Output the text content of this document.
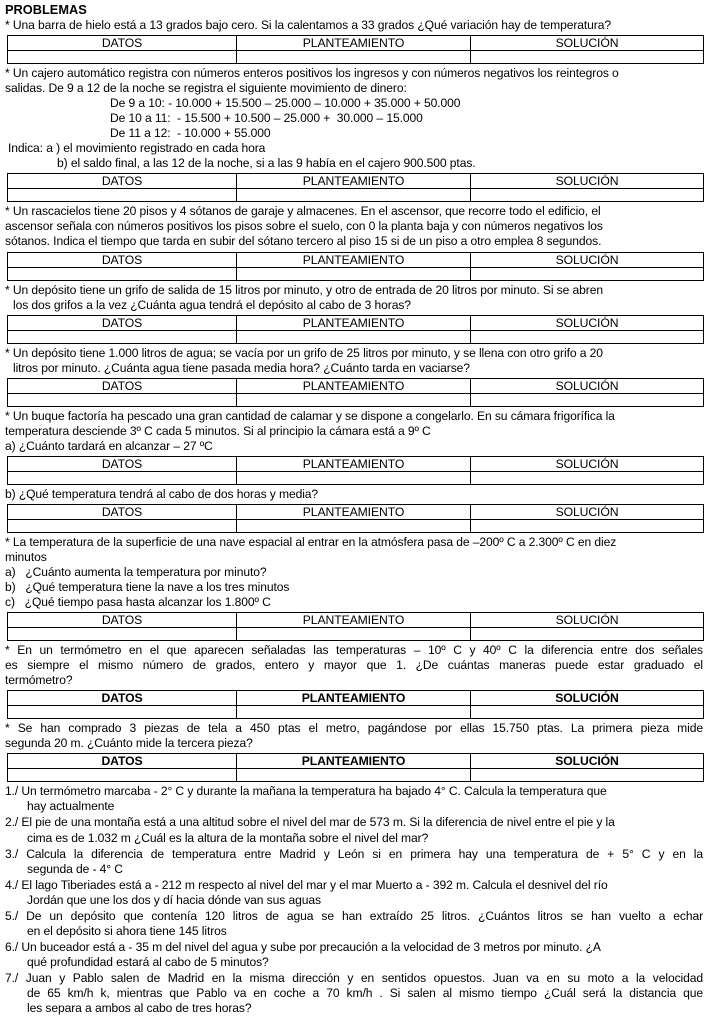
PROBLEMAS
* Una barra de hielo está a 13 grados bajo cero. Si la calentamos a 33 grados ¿Qué variación hay de temperatura?
DATOS	PLANTEAMIENTO	SOLUCIÓN

* Un cajero automático registra con números enteros positivos los ingresos y con números negativos los reintegros o
salidas. De 9 a 12 de la noche se registra el siguiente movimiento de dinero:
De 9 a 10: - 10.000 + 15.500 – 25.000 – 10.000 + 35.000 + 50.000
De 10 a 11:  - 15.500 + 10.500 – 25.000 +  30.000 – 15.000
De 11 a 12:  - 10.000 + 55.000
Indica: a ) el movimiento registrado en cada hora
b) el saldo final, a las 12 de la noche, si a las 9 había en el cajero 900.500 ptas.
DATOS	PLANTEAMIENTO	SOLUCIÓN

* Un rascacielos tiene 20 pisos y 4 sótanos de garaje y almacenes. En el ascensor, que recorre todo el edificio, el
ascensor señala con números positivos los pisos sobre el suelo, con 0 la planta baja y con números negativos los
sótanos. Indica el tiempo que tarda en subir del sótano tercero al piso 15 si de un piso a otro emplea 8 segundos.
DATOS	PLANTEAMIENTO	SOLUCIÓN

* Un depósito tiene un grifo de salida de 15 litros por minuto, y otro de entrada de 20 litros por minuto. Si se abren
los dos grifos a la vez ¿Cuánta agua tendrá el depósito al cabo de 3 horas?
DATOS	PLANTEAMIENTO	SOLUCIÓN

* Un depósito tiene 1.000 litros de agua; se vacía por un grifo de 25 litros por minuto, y se llena con otro grifo a 20
litros por minuto. ¿Cuánta agua tiene pasada media hora? ¿Cuánto tarda en vaciarse?
DATOS	PLANTEAMIENTO	SOLUCIÓN

* Un buque factoría ha pescado una gran cantidad de calamar y se dispone a congelarlo. En su cámara frigorífica la
temperatura desciende 3º C cada 5 minutos. Si al principio la cámara está a 9º C
a) ¿Cuánto tardará en alcanzar – 27 ºC
DATOS	PLANTEAMIENTO	SOLUCIÓN

b) ¿Qué temperatura tendrá al cabo de dos horas y media?
DATOS	PLANTEAMIENTO	SOLUCIÓN

* La temperatura de la superficie de una nave espacial al entrar en la atmósfera pasa de –200º C a 2.300º C en diez
minutos
a)   ¿Cuánto aumenta la temperatura por minuto?
b)   ¿Qué temperatura tiene la nave a los tres minutos
c)   ¿Qué tiempo pasa hasta alcanzar los 1.800º C
DATOS	PLANTEAMIENTO	SOLUCIÓN

* En un termómetro en el que aparecen señaladas las temperaturas – 10º C y 40º C la diferencia entre dos señales
es siempre el mismo número de grados, entero y mayor que 1. ¿De cuántas maneras puede estar graduado el
termómetro?
DATOS	PLANTEAMIENTO	SOLUCIÓN

* Se han comprado 3 piezas de tela a 450 ptas el metro, pagándose por ellas 15.750 ptas. La primera pieza mide
segunda 20 m. ¿Cuánto mide la tercera pieza?
DATOS	PLANTEAMIENTO	SOLUCIÓN

1./ Un termómetro marcaba - 2° C y durante la mañana la temperatura ha bajado 4° C. Calcula la temperatura que
hay actualmente
2./ El pie de una montaña está a una altitud sobre el nivel del mar de 573 m. Si la diferencia de nivel entre el pie y la
cima es de 1.032 m ¿Cuál es la altura de la montaña sobre el nivel del mar?
3./ Calcula la diferencia de temperatura entre Madrid y León si en primera hay una temperatura de + 5° C y en la
segunda de - 4° C
4./ El lago Tiberiades está a - 212 m respecto al nivel del mar y el mar Muerto a - 392 m. Calcula el desnivel del río
Jordán que une los dos y dí hacia dónde van sus aguas
5./ De un depósito que contenía 120 litros de agua se han extraído 25 litros. ¿Cuántos litros se han vuelto a echar
en el depósito si ahora tiene 145 litros
6./ Un buceador está a - 35 m del nivel del agua y sube por precaución a la velocidad de 3 metros por minuto. ¿A
qué profundidad estará al cabo de 5 minutos?
7./ Juan y Pablo salen de Madrid en la misma dirección y en sentidos opuestos. Juan va en su moto a la velocidad
de 65 km/h k, mientras que Pablo va en coche a 70 km/h . Si salen al mismo tiempo ¿Cuál será la distancia que
les separa a ambos al cabo de tres horas?
